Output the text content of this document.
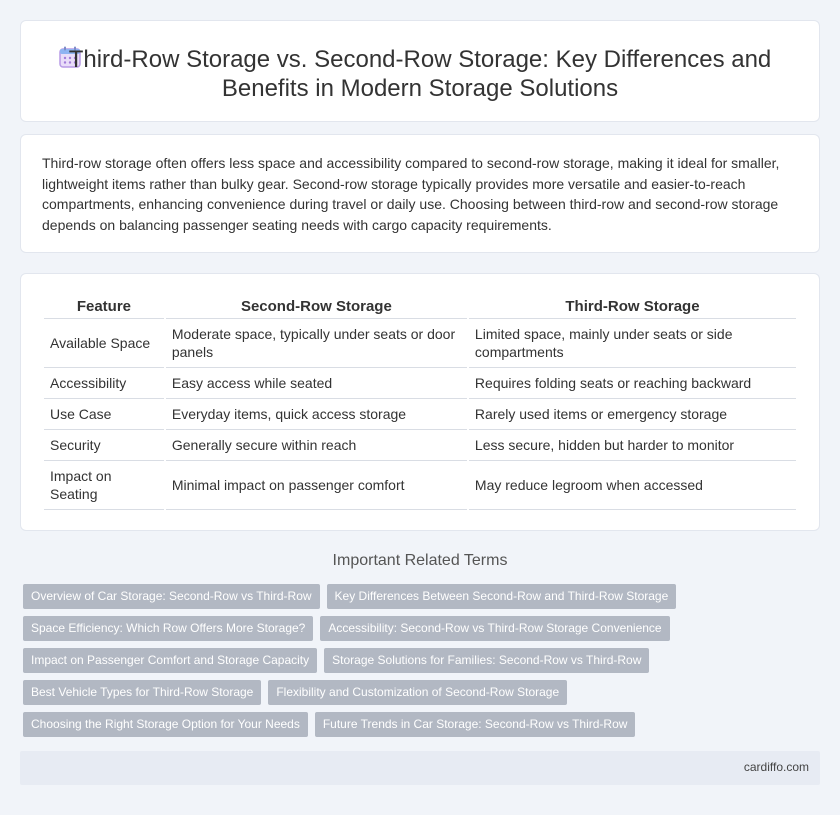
Third-Row Storage vs. Second-Row Storage: Key Differences and
Benefits in Modern Storage Solutions

Third-row storage often offers less space and accessibility compared to second-row storage, making it ideal for smaller, lightweight items rather than bulky gear. Second-row storage typically provides more versatile and easier-to-reach compartments, enhancing convenience during travel or daily use. Choosing between third-row and second-row storage depends on balancing passenger seating needs with cargo capacity requirements.

Feature	Second-Row Storage	Third-Row Storage
Available Space	Moderate space, typically under seats or door panels	Limited space, mainly under seats or side compartments
Accessibility	Easy access while seated	Requires folding seats or reaching backward
Use Case	Everyday items, quick access storage	Rarely used items or emergency storage
Security	Generally secure within reach	Less secure, hidden but harder to monitor
Impact on Seating	Minimal impact on passenger comfort	May reduce legroom when accessed
Important Related Terms
Overview of Car Storage: Second-Row vs Third-Row	Key Differences Between Second-Row and Third-Row Storage
Space Efficiency: Which Row Offers More Storage?	Accessibility: Second-Row vs Third-Row Storage Convenience
Impact on Passenger Comfort and Storage Capacity	Storage Solutions for Families: Second-Row vs Third-Row
Best Vehicle Types for Third-Row Storage	Flexibility and Customization of Second-Row Storage
Choosing the Right Storage Option for Your Needs	Future Trends in Car Storage: Second-Row vs Third-Row
cardiffo.com
